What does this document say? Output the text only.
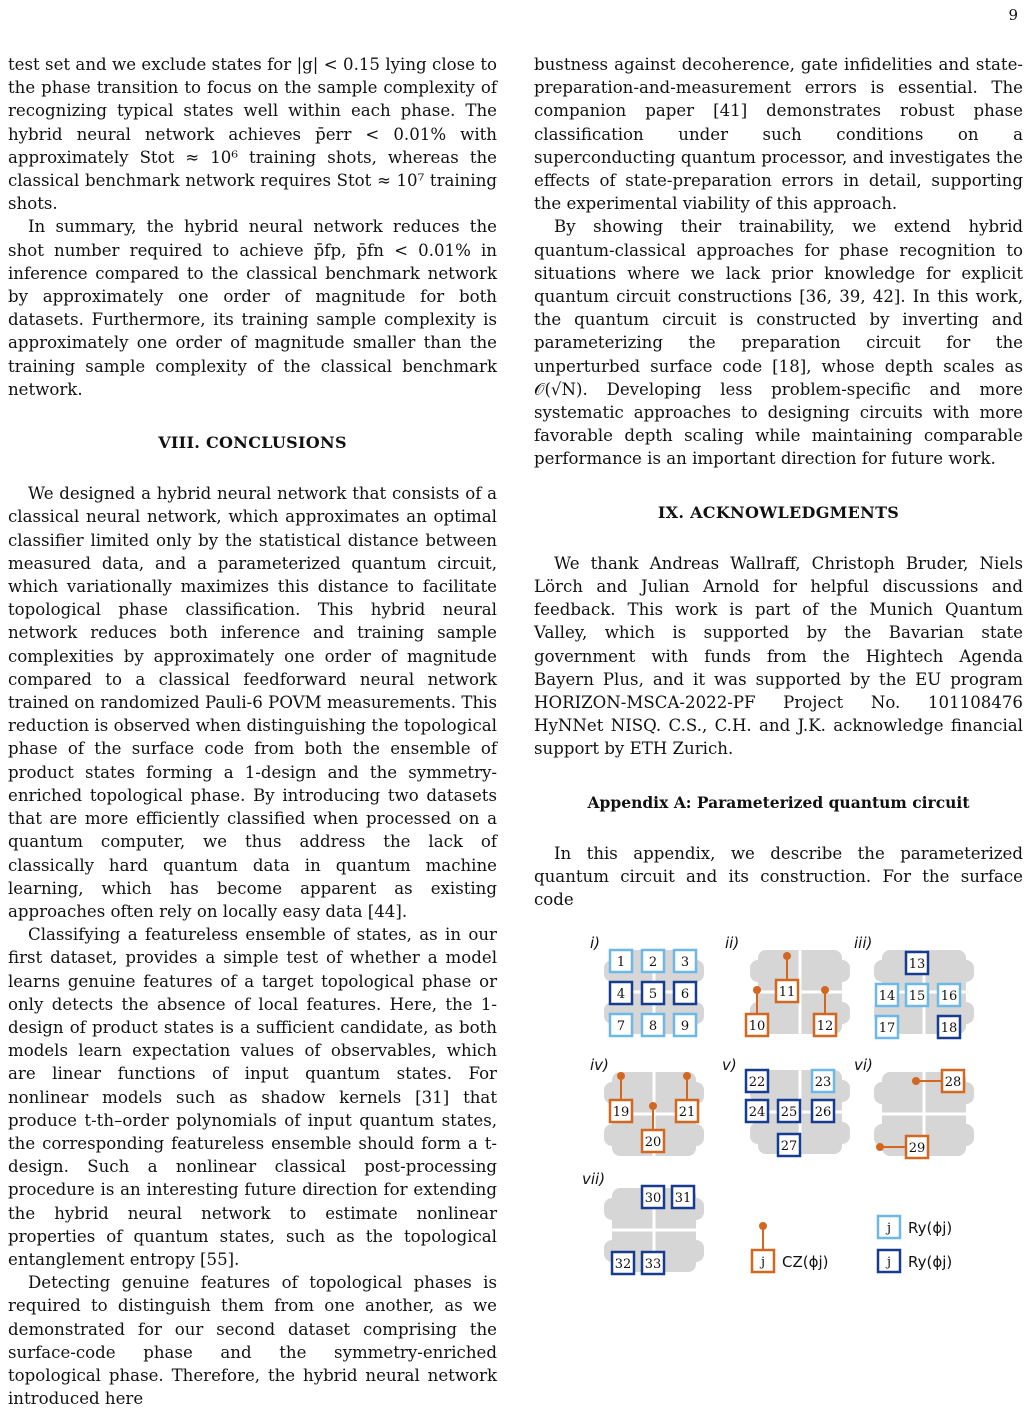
9

test set and we exclude states for |g| < 0.15 lying close to the phase transition to focus on the sample complexity of recognizing typical states well within each phase. The hybrid neural network achieves p̄err < 0.01% with approximately Stot ≈ 10⁶ training shots, whereas the classical benchmark network requires Stot ≈ 10⁷ training shots.

In summary, the hybrid neural network reduces the shot number required to achieve p̄fp, p̄fn < 0.01% in inference compared to the classical benchmark network by approximately one order of magnitude for both datasets. Furthermore, its training sample complexity is approximately one order of magnitude smaller than the training sample complexity of the classical benchmark network.

VIII. CONCLUSIONS

We designed a hybrid neural network that consists of a classical neural network, which approximates an optimal classifier limited only by the statistical distance between measured data, and a parameterized quantum circuit, which variationally maximizes this distance to facilitate topological phase classification. This hybrid neural network reduces both inference and training sample complexities by approximately one order of magnitude compared to a classical feedforward neural network trained on randomized Pauli-6 POVM measurements. This reduction is observed when distinguishing the topological phase of the surface code from both the ensemble of product states forming a 1-design and the symmetry-enriched topological phase. By introducing two datasets that are more efficiently classified when processed on a quantum computer, we thus address the lack of classically hard quantum data in quantum machine learning, which has become apparent as existing approaches often rely on locally easy data [44].

Classifying a featureless ensemble of states, as in our first dataset, provides a simple test of whether a model learns genuine features of a target topological phase or only detects the absence of local features. Here, the 1-design of product states is a sufficient candidate, as both models learn expectation values of observables, which are linear functions of input quantum states. For nonlinear models such as shadow kernels [31] that produce t-th–order polynomials of input quantum states, the corresponding featureless ensemble should form a t-design. Such a nonlinear classical post-processing procedure is an interesting future direction for extending the hybrid neural network to estimate nonlinear properties of quantum states, such as the topological entanglement entropy [55].

Detecting genuine features of topological phases is required to distinguish them from one another, as we demonstrated for our second dataset comprising the surface-code phase and the symmetry-enriched topological phase. Therefore, the hybrid neural network introduced here

bustness against decoherence, gate infidelities and state-preparation-and-measurement errors is essential. The companion paper [41] demonstrates robust phase classification under such conditions on a superconducting quantum processor, and investigates the effects of state-preparation errors in detail, supporting the experimental viability of this approach.

By showing their trainability, we extend hybrid quantum-classical approaches for phase recognition to situations where we lack prior knowledge for explicit quantum circuit constructions [36, 39, 42]. In this work, the quantum circuit is constructed by inverting and parameterizing the preparation circuit for the unperturbed surface code [18], whose depth scales as 𝒪(√N). Developing less problem-specific and more systematic approaches to designing circuits with more favorable depth scaling while maintaining comparable performance is an important direction for future work.

IX. ACKNOWLEDGMENTS

We thank Andreas Wallraff, Christoph Bruder, Niels Lörch and Julian Arnold for helpful discussions and feedback. This work is part of the Munich Quantum Valley, which is supported by the Bavarian state government with funds from the Hightech Agenda Bayern Plus, and it was supported by the EU program HORIZON-MSCA-2022-PF Project No. 101108476 HyNNet NISQ. C.S., C.H. and J.K. acknowledge financial support by ETH Zurich.

Appendix A: Parameterized quantum circuit

In this appendix, we describe the parameterized quantum circuit and its construction. For the surface code

i)
1 2 3
4 5 6
7 8 9
ii)
11
10	12
iii)
13
14 15 16
17	18
iv)
19	21
20
v)
22	23
24 25 26
27
vi)
28
29
vii)
30 31
32 33
j Ry(ϕj)
j CZ(ϕj)	j Ry(ϕj)
